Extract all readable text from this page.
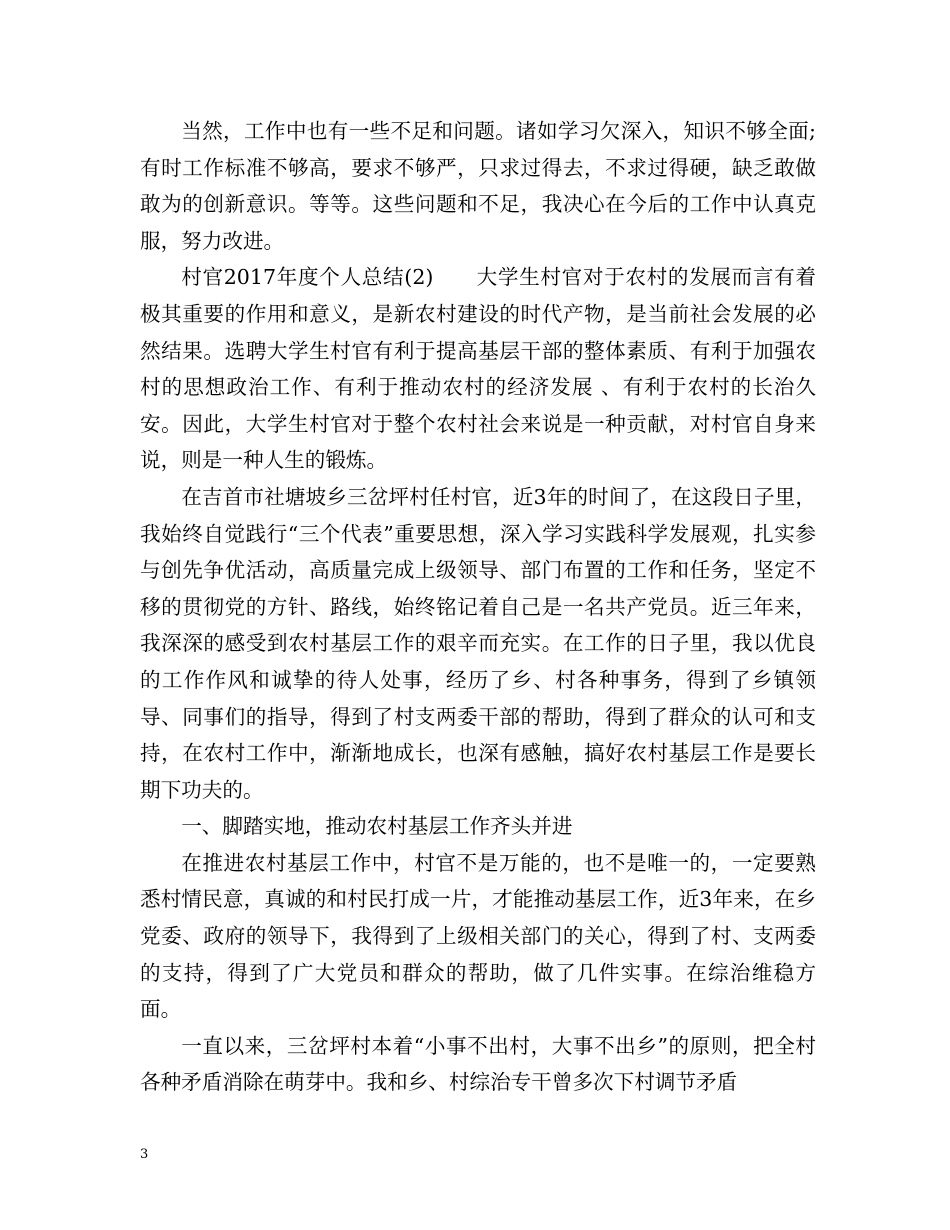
当然，工作中也有一些不足和问题。诸如学习欠深入，知识不够全面;有时工作标准不够高，要求不够严，只求过得去，不求过得硬，缺乏敢做敢为的创新意识。等等。这些问题和不足，我决心在今后的工作中认真克服，努力改进。

村官2017年度个人总结(2)　　大学生村官对于农村的发展而言有着极其重要的作用和意义，是新农村建设的时代产物，是当前社会发展的必然结果。选聘大学生村官有利于提高基层干部的整体素质、有利于加强农村的思想政治工作、有利于推动农村的经济发展 、有利于农村的长治久安。因此，大学生村官对于整个农村社会来说是一种贡献，对村官自身来说，则是一种人生的锻炼。

在吉首市社塘坡乡三岔坪村任村官，近3年的时间了，在这段日子里，我始终自觉践行“三个代表”重要思想，深入学习实践科学发展观，扎实参与创先争优活动，高质量完成上级领导、部门布置的工作和任务，坚定不移的贯彻党的方针、路线，始终铭记着自己是一名共产党员。近三年来，我深深的感受到农村基层工作的艰辛而充实。在工作的日子里，我以优良的工作作风和诚挚的待人处事，经历了乡、村各种事务，得到了乡镇领导、同事们的指导，得到了村支两委干部的帮助，得到了群众的认可和支持，在农村工作中，渐渐地成长，也深有感触，搞好农村基层工作是要长期下功夫的。

一、脚踏实地，推动农村基层工作齐头并进

在推进农村基层工作中，村官不是万能的，也不是唯一的，一定要熟悉村情民意，真诚的和村民打成一片，才能推动基层工作，近3年来，在乡党委、政府的领导下，我得到了上级相关部门的关心，得到了村、支两委的支持，得到了广大党员和群众的帮助，做了几件实事。在综治维稳方面。

一直以来，三岔坪村本着“小事不出村，大事不出乡”的原则，把全村各种矛盾消除在萌芽中。我和乡、村综治专干曾多次下村调节矛盾

3
